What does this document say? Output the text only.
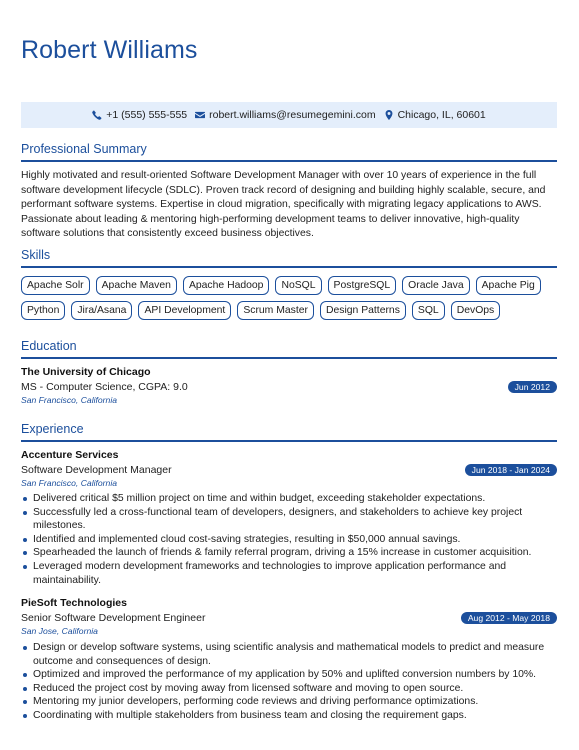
Robert Williams
+1 (555) 555-555 robert.williams@resumegemini.com Chicago, IL, 60601
Professional Summary

Highly motivated and result-oriented Software Development Manager with over 10 years of experience in the full software development lifecycle (SDLC). Proven track record of designing and building highly scalable, secure, and performant software systems. Expertise in cloud migration, specifically with migrating legacy applications to AWS. Passionate about leading & mentoring high-performing development teams to deliver innovative, high-quality software solutions that consistently exceed business objectives.

Skills
Apache Solr	Apache Maven	Apache Hadoop	NoSQL	PostgreSQL	Oracle Java	Apache Pig
Python	Jira/Asana	API Development	Scrum Master	Design Patterns	SQL	DevOps
Education
The University of Chicago
MS - Computer Science, CGPA: 9.0
San Francisco, California
Jun 2012
Experience
Accenture Services
Software Development Manager
San Francisco, California
Jun 2018 - Jan 2024
Delivered critical $5 million project on time and within budget, exceeding stakeholder expectations.
Successfully led a cross-functional team of developers, designers, and stakeholders to achieve key project milestones.
Identified and implemented cloud cost-saving strategies, resulting in $50,000 annual savings.
Spearheaded the launch of friends & family referral program, driving a 15% increase in customer acquisition.
Leveraged modern development frameworks and technologies to improve application performance and maintainability.
PieSoft Technologies
Senior Software Development Engineer
San Jose, California
Aug 2012 - May 2018
Design or develop software systems, using scientific analysis and mathematical models to predict and measure outcome and consequences of design.
Optimized and improved the performance of my application by 50% and uplifted conversion numbers by 10%.
Reduced the project cost by moving away from licensed software and moving to open source.
Mentoring my junior developers, performing code reviews and driving performance optimizations.
Coordinating with multiple stakeholders from business team and closing the requirement gaps.
